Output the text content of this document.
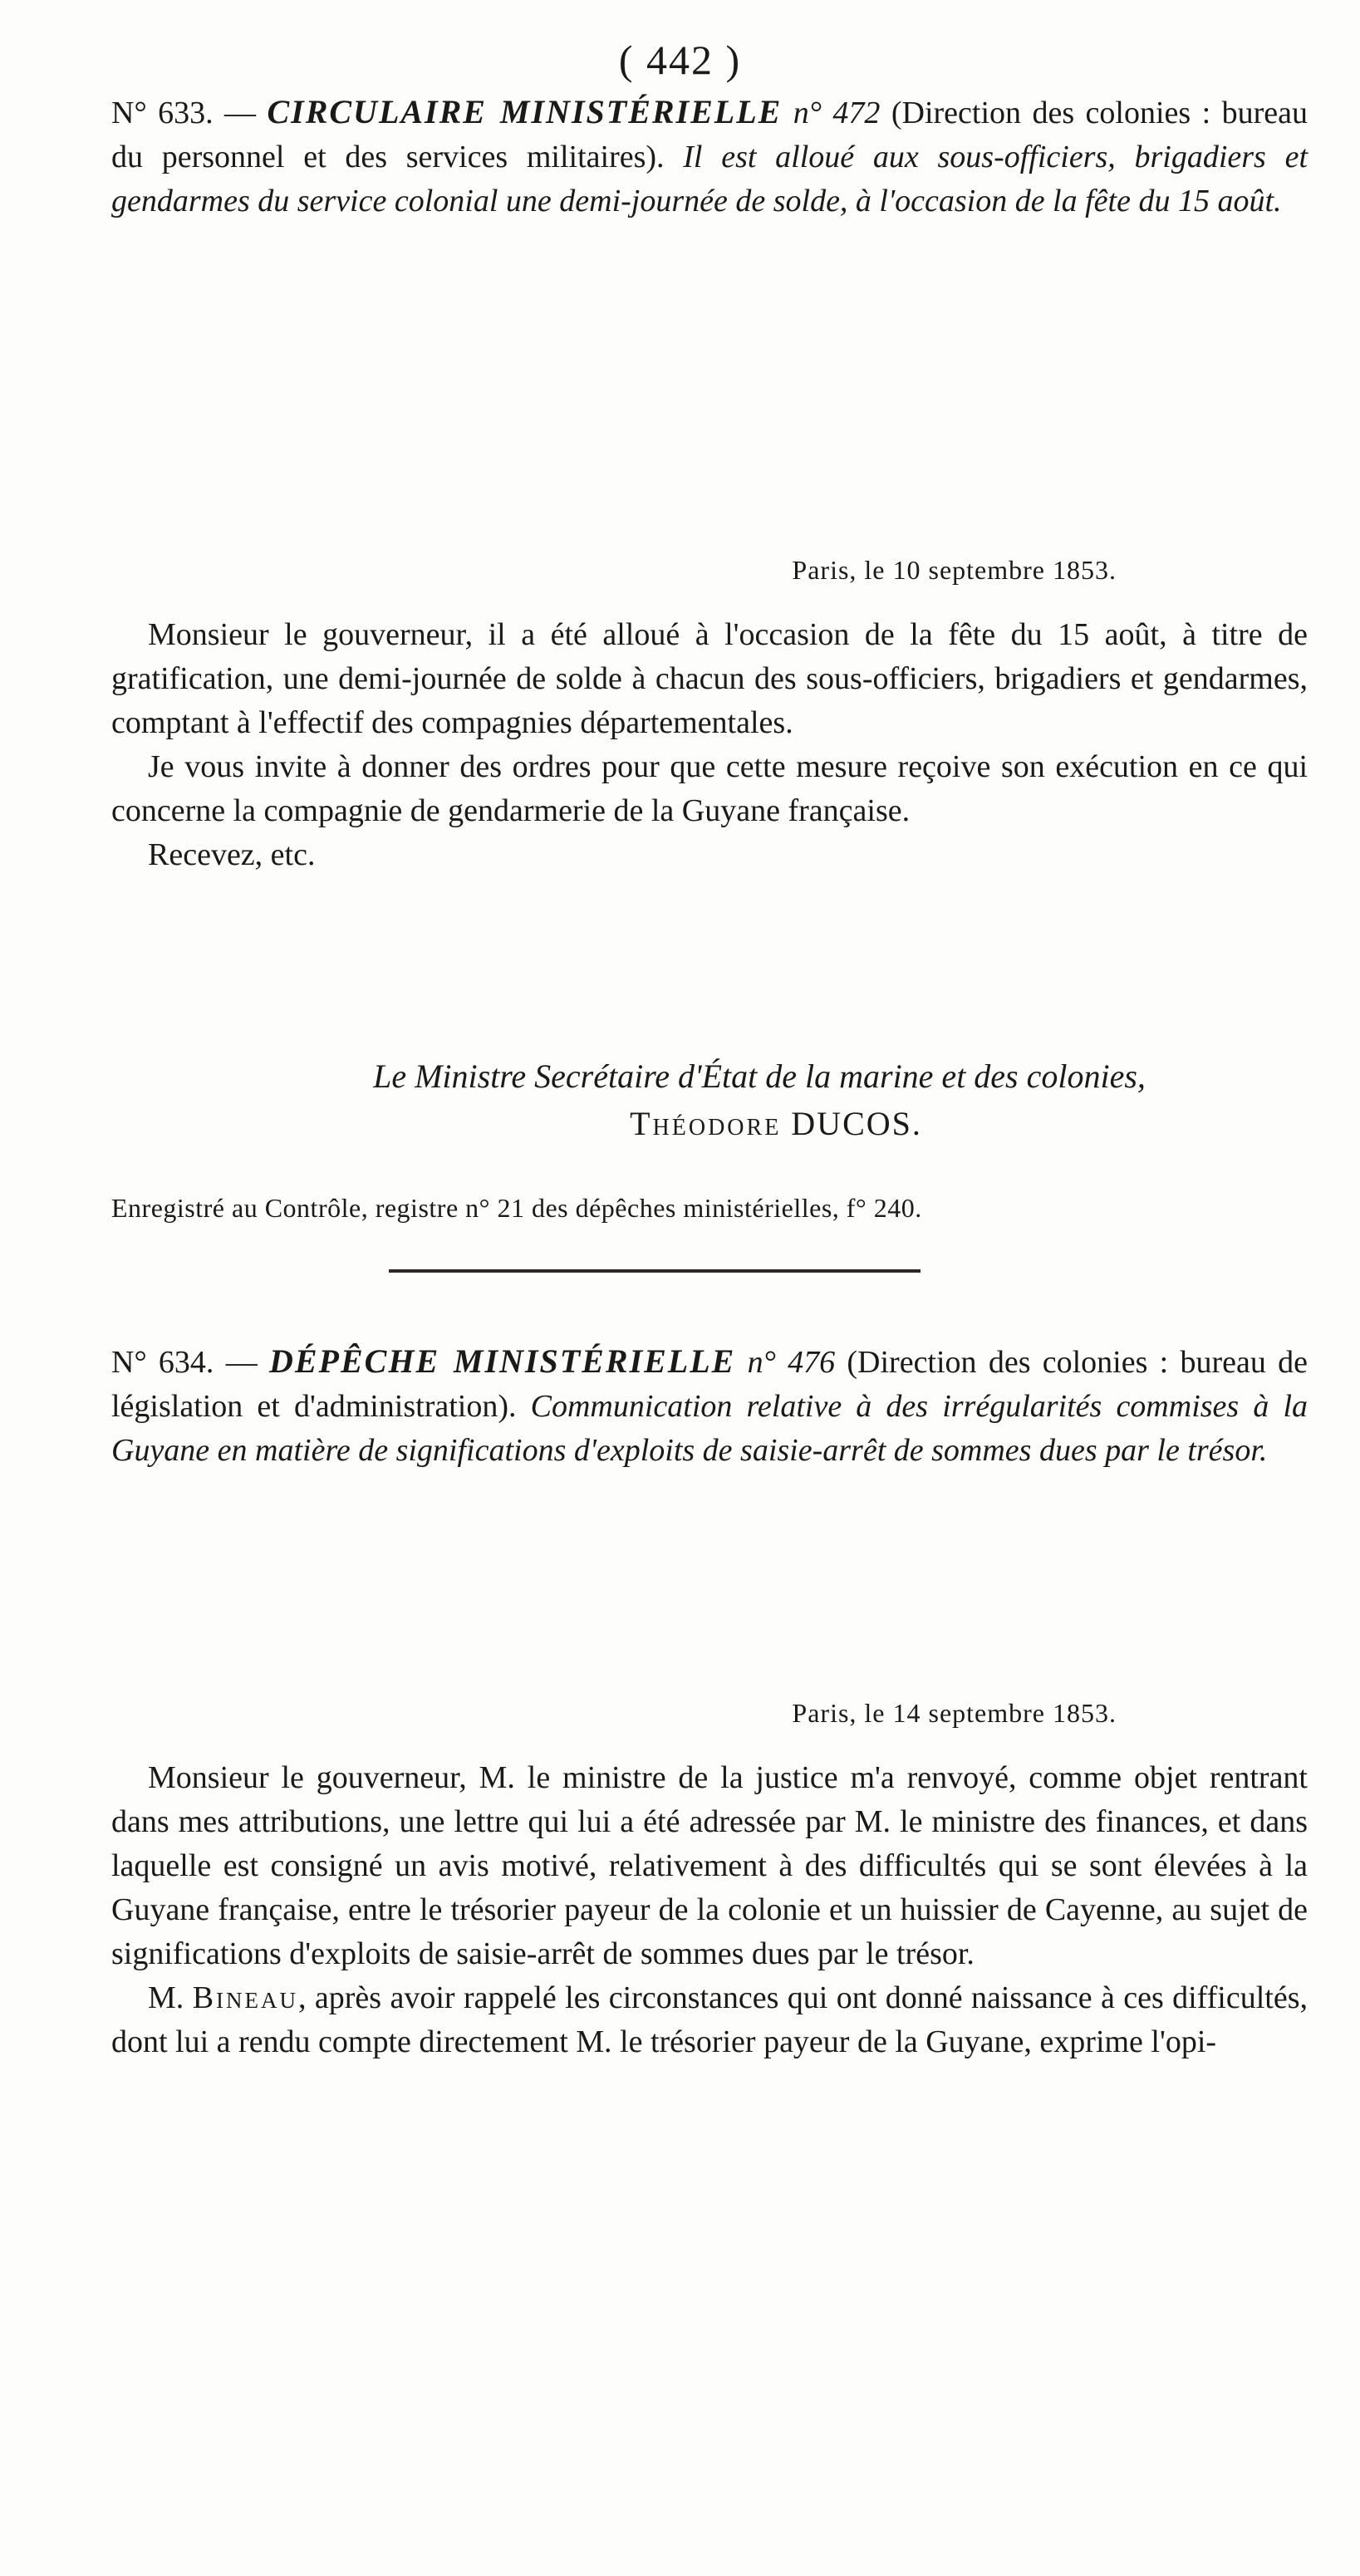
( 442 )

N° 633. — CIRCULAIRE MINISTÉRIELLE n° 472 (Direction des colonies : bureau du personnel et des services militaires). Il est alloué aux sous-officiers, brigadiers et gendarmes du service colonial une demi-journée de solde, à l'occasion de la fête du 15 août.

Paris, le 10 septembre 1853.

Monsieur le gouverneur, il a été alloué à l'occasion de la fête du 15 août, à titre de gratification, une demi-journée de solde à chacun des sous-officiers, brigadiers et gendarmes, comptant à l'effectif des compagnies départementales.

Je vous invite à donner des ordres pour que cette mesure reçoive son exécution en ce qui concerne la compagnie de gendarmerie de la Guyane française.

Recevez, etc.

Le Ministre Secrétaire d'État de la marine et des colonies,

Théodore DUCOS.

Enregistré au Contrôle, registre n° 21 des dépêches ministérielles, f° 240.

N° 634. — DÉPÊCHE MINISTÉRIELLE n° 476 (Direction des colonies : bureau de législation et d'administration). Communication relative à des irrégularités commises à la Guyane en matière de significations d'exploits de saisie-arrêt de sommes dues par le trésor.

Paris, le 14 septembre 1853.

Monsieur le gouverneur, M. le ministre de la justice m'a renvoyé, comme objet rentrant dans mes attributions, une lettre qui lui a été adressée par M. le ministre des finances, et dans laquelle est consigné un avis motivé, relativement à des difficultés qui se sont élevées à la Guyane française, entre le trésorier payeur de la colonie et un huissier de Cayenne, au sujet de significations d'exploits de saisie-arrêt de sommes dues par le trésor.

M. Bineau, après avoir rappelé les circonstances qui ont donné naissance à ces difficultés, dont lui a rendu compte directement M. le trésorier payeur de la Guyane, exprime l'opi-
